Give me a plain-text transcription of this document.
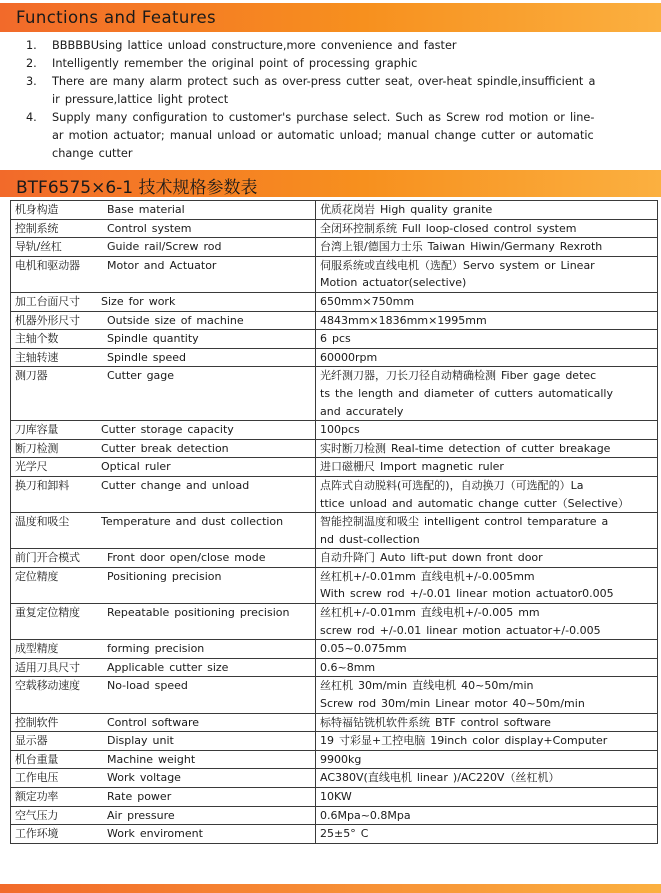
Functions and Features
1. BBBBBUsing lattice unload constructure,more convenience and faster
2. Intelligently remember the original point of processing graphic
3. There are many alarm protect such as over-press cutter seat, over-heat spindle,insufficient a
ir pressure,lattice light protect
4. Supply many configuration to customer's purchase select. Such as Screw rod motion or line-
ar motion actuator; manual unload or automatic unload; manual change cutter or automatic
change cutter
BTF6575×6-1 技术规格参数表
机身构造 Base material	优质花岗岩 High quality granite

控制系统 Control system	全闭环控制系统 Full loop-closed control system

导轨/丝杠 Guide rail/Screw rod	台湾上银/德国力士乐 Taiwan Hiwin/Germany Rexroth

电机和驱动器 Motor and Actuator	伺服系统或直线电机（选配）Servo system or Linear
Motion actuator(selective)

加工台面尺寸 Size for work	650mm×750mm

机器外形尺寸 Outside size of machine	4843mm×1836mm×1995mm

主轴个数 Spindle quantity	6 pcs

主轴转速 Spindle speed	60000rpm

测刀器 Cutter gage	光纤测刀器，刀长刀径自动精确检测 Fiber gage detec
ts the length and diameter of cutters automatically
and accurately

刀库容量 Cutter storage capacity	100pcs

断刀检测 Cutter break detection	实时断刀检测 Real-time detection of cutter breakage

光学尺 Optical ruler	进口磁栅尺 Import magnetic ruler

换刀和卸料 Cutter change and unload	点阵式自动脱料(可选配的)，自动换刀（可选配的）La
ttice unload and automatic change cutter（Selective）

温度和吸尘 Temperature and dust collection	智能控制温度和吸尘 intelligent control temparature a
nd dust-collection

前门开合模式 Front door open/close mode	自动升降门 Auto lift-put down front door

定位精度 Positioning precision	丝杠机+/-0.01mm 直线电机+/-0.005mm
With screw rod +/-0.01 linear motion actuator0.005

重复定位精度 Repeatable positioning precision	丝杠机+/-0.01mm 直线电机+/-0.005 mm
screw rod +/-0.01 linear motion actuator+/-0.005

成型精度 forming precision	0.05~0.075mm

适用刀具尺寸 Applicable cutter size	0.6~8mm

空载移动速度 No-load speed	丝杠机 30m/min 直线电机 40~50m/min
Screw rod 30m/min Linear motor 40~50m/min

控制软件 Control software	标特福钻铣机软件系统 BTF control software

显示器 Display unit	19 寸彩显+工控电脑 19inch color display+Computer

机台重量 Machine weight	9900kg

工作电压 Work voltage	AC380V(直线电机 linear )/AC220V（丝杠机）

额定功率 Rate power	10KW

空气压力 Air pressure	0.6Mpa~0.8Mpa

工作环境 Work enviroment	25±5° C
